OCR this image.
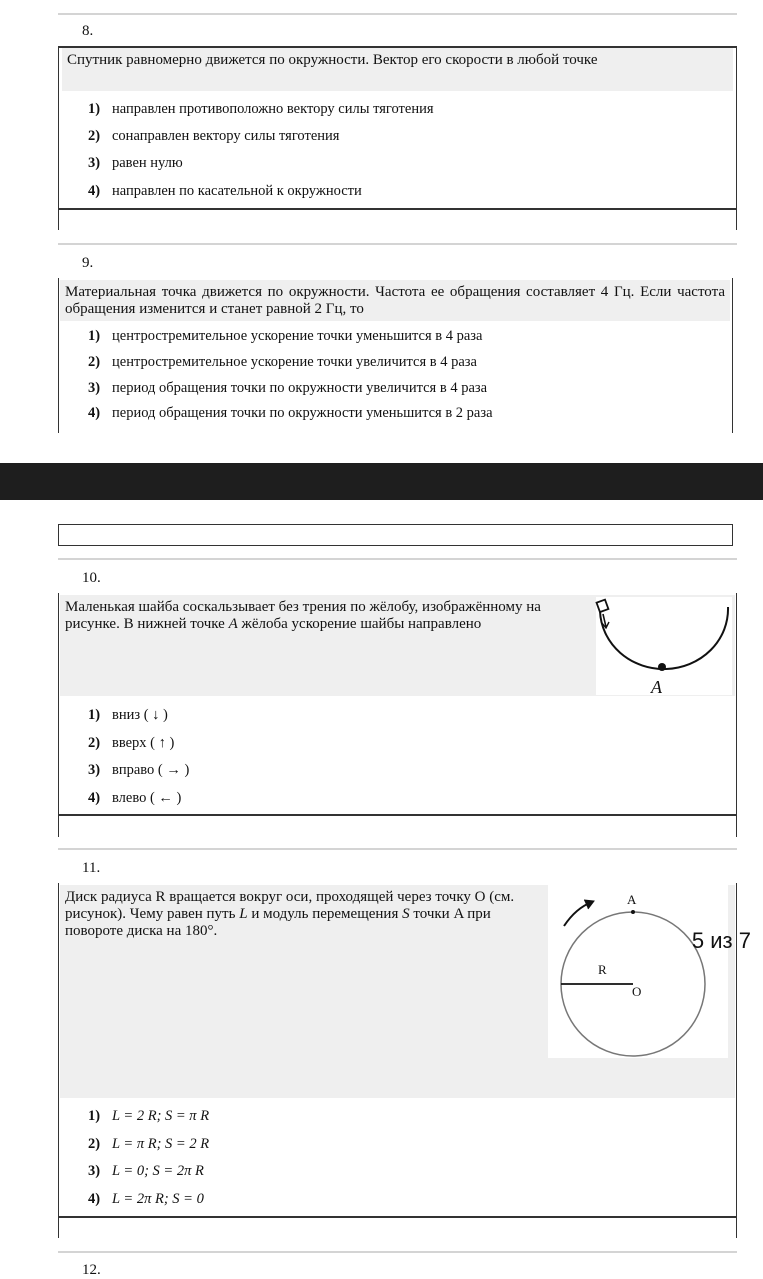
8.
Спутник равномерно движется по окружности. Вектор его скорости в любой точке
1) направлен противоположно вектору силы тяготения
2) сонаправлен вектору силы тяготения
3) равен нулю
4) направлен по касательной к окружности
9.
Материальная точка движется по окружности. Частота ее обращения составляет 4 Гц. Если частота обращения изменится и станет равной 2 Гц, то
1) центростремительное ускорение точки уменьшится в 4 раза
2) центростремительное ускорение точки увеличится в 4 раза
3) период обращения точки по окружности увеличится в 4 раза
4) период обращения точки по окружности уменьшится в 2 раза
10.
Маленькая шайба соскальзывает без трения по жёлобу, изображённому на рисунке. В нижней точке A жёлоба ускорение шайбы направлено
A
1) вниз ( ↓ )
2) вверх ( ↑ )
3) вправо ( → )
4) влево ( ← )
11.
Диск радиуса R вращается вокруг оси, проходящей через точку O (см. рисунок). Чему равен путь L и модуль перемещения S точки A при повороте диска на 180°.
A
R
O
1) L = 2 R; S = π R
2) L = π R; S = 2 R
3) L = 0; S = 2π R
4) L = 2π R; S = 0
12.
5 из 7
